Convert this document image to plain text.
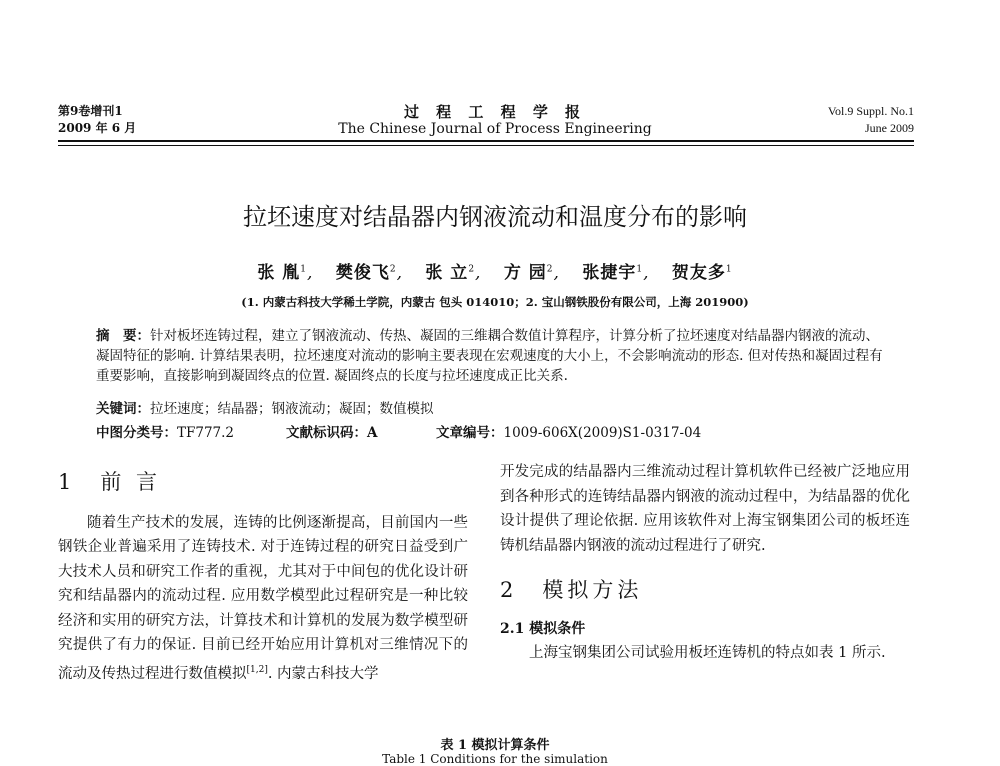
第9卷增刊1
2009 年 6 月
过 程 工 程 学 报
The Chinese Journal of Process Engineering
Vol.9 Suppl. No.1
June 2009
拉坯速度对结晶器内钢液流动和温度分布的影响
张 胤$^1$, 樊俊飞$^2$, 张 立$^2$, 方 园$^2$, 张捷宇$^1$, 贺友多$^1$
(1. 内蒙古科技大学稀土学院，内蒙古 包头 014010；2. 宝山钢铁股份有限公司，上海 201900)
摘　要：针对板坯连铸过程，建立了钢液流动、传热、凝固的三维耦合数值计算程序，计算分析了拉坯速度对结晶器内钢液的流动、凝固特征的影响. 计算结果表明，拉坯速度对流动的影响主要表现在宏观速度的大小上，不会影响流动的形态. 但对传热和凝固过程有重要影响，直接影响到凝固终点的位置. 凝固终点的长度与拉坯速度成正比关系.
关键词：拉坯速度；结晶器；钢液流动；凝固；数值模拟
中图分类号：TF777.2	文献标识码：A	文章编号：1009-606X(2009)S1-0317-04
1　前 言

随着生产技术的发展，连铸的比例逐渐提高，目前国内一些钢铁企业普遍采用了连铸技术. 对于连铸过程的研究日益受到广大技术人员和研究工作者的重视，尤其对于中间包的优化设计研究和结晶器内的流动过程. 应用数学模型此过程研究是一种比较经济和实用的研究方法，计算技术和计算机的发展为数学模型研究提供了有力的保证. 目前已经开始应用计算机对三维情况下的流动及传热过程进行数值模拟[1,2]. 内蒙古科技大学

开发完成的结晶器内三维流动过程计算机软件已经被广泛地应用到各种形式的连铸结晶器内钢液的流动过程中，为结晶器的优化设计提供了理论依据. 应用该软件对上海宝钢集团公司的板坯连铸机结晶器内钢液的流动过程进行了研究.

2　模拟方法
2.1 模拟条件

上海宝钢集团公司试验用板坯连铸机的特点如表 1 所示.

表 1 模拟计算条件
Table 1 Conditions for the simulation
